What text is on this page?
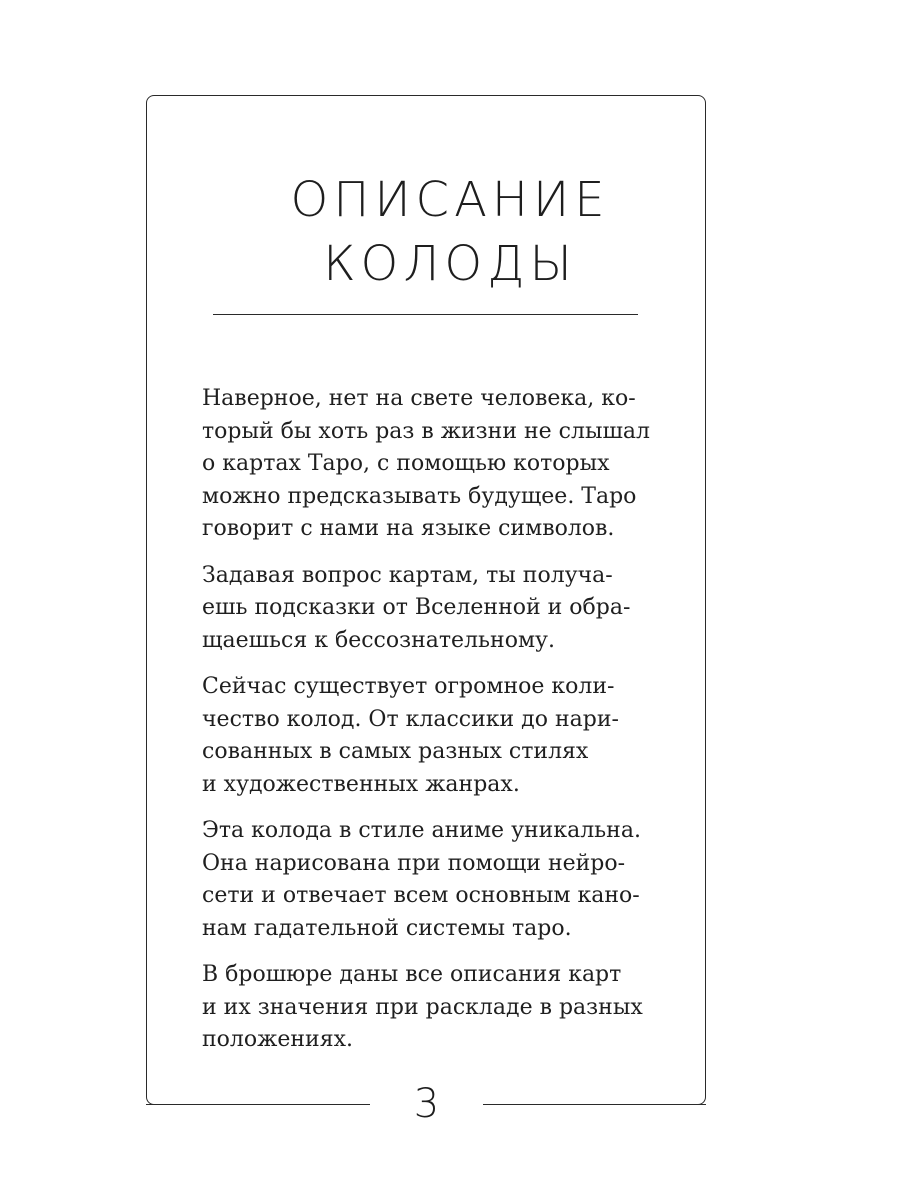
ОПИСАНИЕ
КОЛОДЫ

Наверное, нет на свете человека, ко-
торый бы хоть раз в жизни не слышал
о картах Таро, с помощью которых
можно предсказывать будущее. Таро
говорит с нами на языке символов.

Задавая вопрос картам, ты получа-
ешь подсказки от Вселенной и обра-
щаешься к бессознательному.

Сейчас существует огромное коли-
чество колод. От классики до нари-
сованных в самых разных стилях
и художественных жанрах.

Эта колода в стиле аниме уникальна.
Она нарисована при помощи нейро-
сети и отвечает всем основным кано-
нам гадательной системы таро.

В брошюре даны все описания карт
и их значения при раскладе в разных
положениях.

3
